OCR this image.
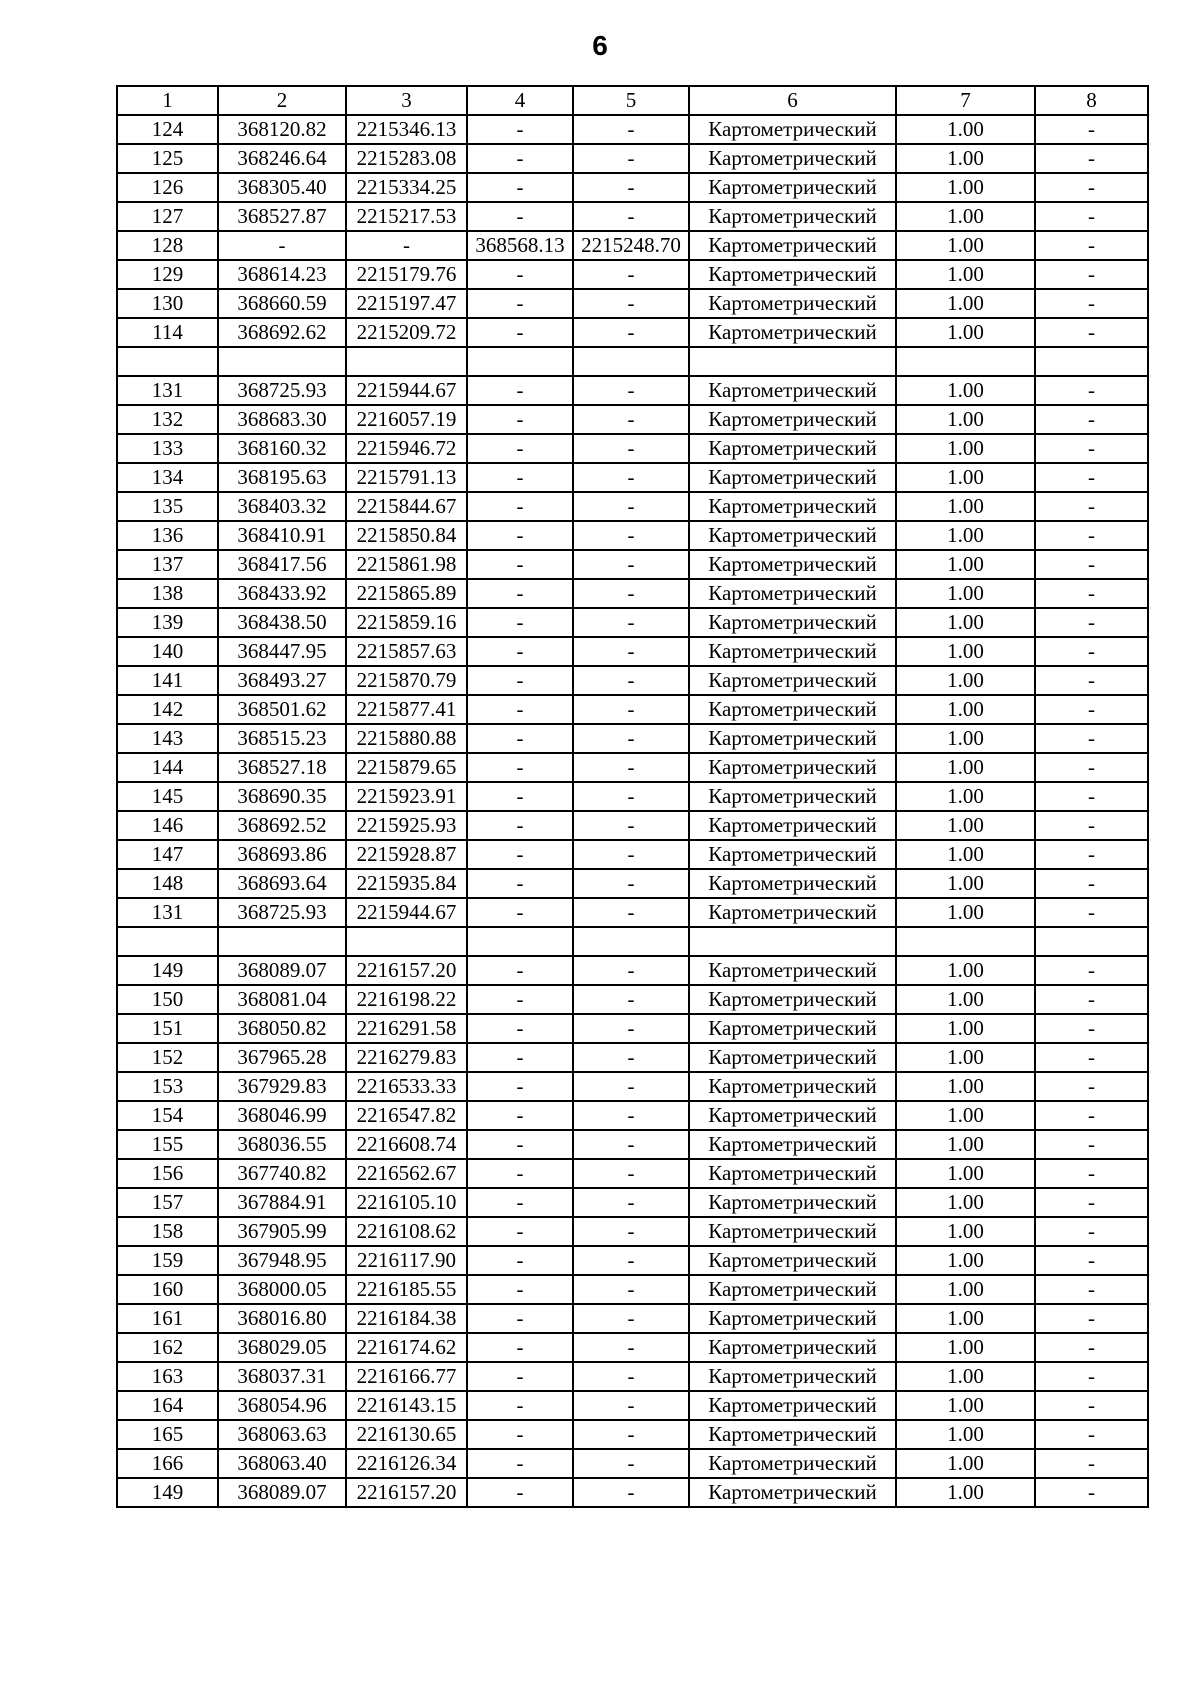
6
1	2	3	4	5	6	7	8
124	368120.82	2215346.13	-	-	Картометрический	1.00	-
125	368246.64	2215283.08	-	-	Картометрический	1.00	-
126	368305.40	2215334.25	-	-	Картометрический	1.00	-
127	368527.87	2215217.53	-	-	Картометрический	1.00	-
128	-	-	368568.13	2215248.70	Картометрический	1.00	-
129	368614.23	2215179.76	-	-	Картометрический	1.00	-
130	368660.59	2215197.47	-	-	Картометрический	1.00	-
114	368692.62	2215209.72	-	-	Картометрический	1.00	-

131	368725.93	2215944.67	-	-	Картометрический	1.00	-
132	368683.30	2216057.19	-	-	Картометрический	1.00	-
133	368160.32	2215946.72	-	-	Картометрический	1.00	-
134	368195.63	2215791.13	-	-	Картометрический	1.00	-
135	368403.32	2215844.67	-	-	Картометрический	1.00	-
136	368410.91	2215850.84	-	-	Картометрический	1.00	-
137	368417.56	2215861.98	-	-	Картометрический	1.00	-
138	368433.92	2215865.89	-	-	Картометрический	1.00	-
139	368438.50	2215859.16	-	-	Картометрический	1.00	-
140	368447.95	2215857.63	-	-	Картометрический	1.00	-
141	368493.27	2215870.79	-	-	Картометрический	1.00	-
142	368501.62	2215877.41	-	-	Картометрический	1.00	-
143	368515.23	2215880.88	-	-	Картометрический	1.00	-
144	368527.18	2215879.65	-	-	Картометрический	1.00	-
145	368690.35	2215923.91	-	-	Картометрический	1.00	-
146	368692.52	2215925.93	-	-	Картометрический	1.00	-
147	368693.86	2215928.87	-	-	Картометрический	1.00	-
148	368693.64	2215935.84	-	-	Картометрический	1.00	-
131	368725.93	2215944.67	-	-	Картометрический	1.00	-

149	368089.07	2216157.20	-	-	Картометрический	1.00	-
150	368081.04	2216198.22	-	-	Картометрический	1.00	-
151	368050.82	2216291.58	-	-	Картометрический	1.00	-
152	367965.28	2216279.83	-	-	Картометрический	1.00	-
153	367929.83	2216533.33	-	-	Картометрический	1.00	-
154	368046.99	2216547.82	-	-	Картометрический	1.00	-
155	368036.55	2216608.74	-	-	Картометрический	1.00	-
156	367740.82	2216562.67	-	-	Картометрический	1.00	-
157	367884.91	2216105.10	-	-	Картометрический	1.00	-
158	367905.99	2216108.62	-	-	Картометрический	1.00	-
159	367948.95	2216117.90	-	-	Картометрический	1.00	-
160	368000.05	2216185.55	-	-	Картометрический	1.00	-
161	368016.80	2216184.38	-	-	Картометрический	1.00	-
162	368029.05	2216174.62	-	-	Картометрический	1.00	-
163	368037.31	2216166.77	-	-	Картометрический	1.00	-
164	368054.96	2216143.15	-	-	Картометрический	1.00	-
165	368063.63	2216130.65	-	-	Картометрический	1.00	-
166	368063.40	2216126.34	-	-	Картометрический	1.00	-
149	368089.07	2216157.20	-	-	Картометрический	1.00	-
